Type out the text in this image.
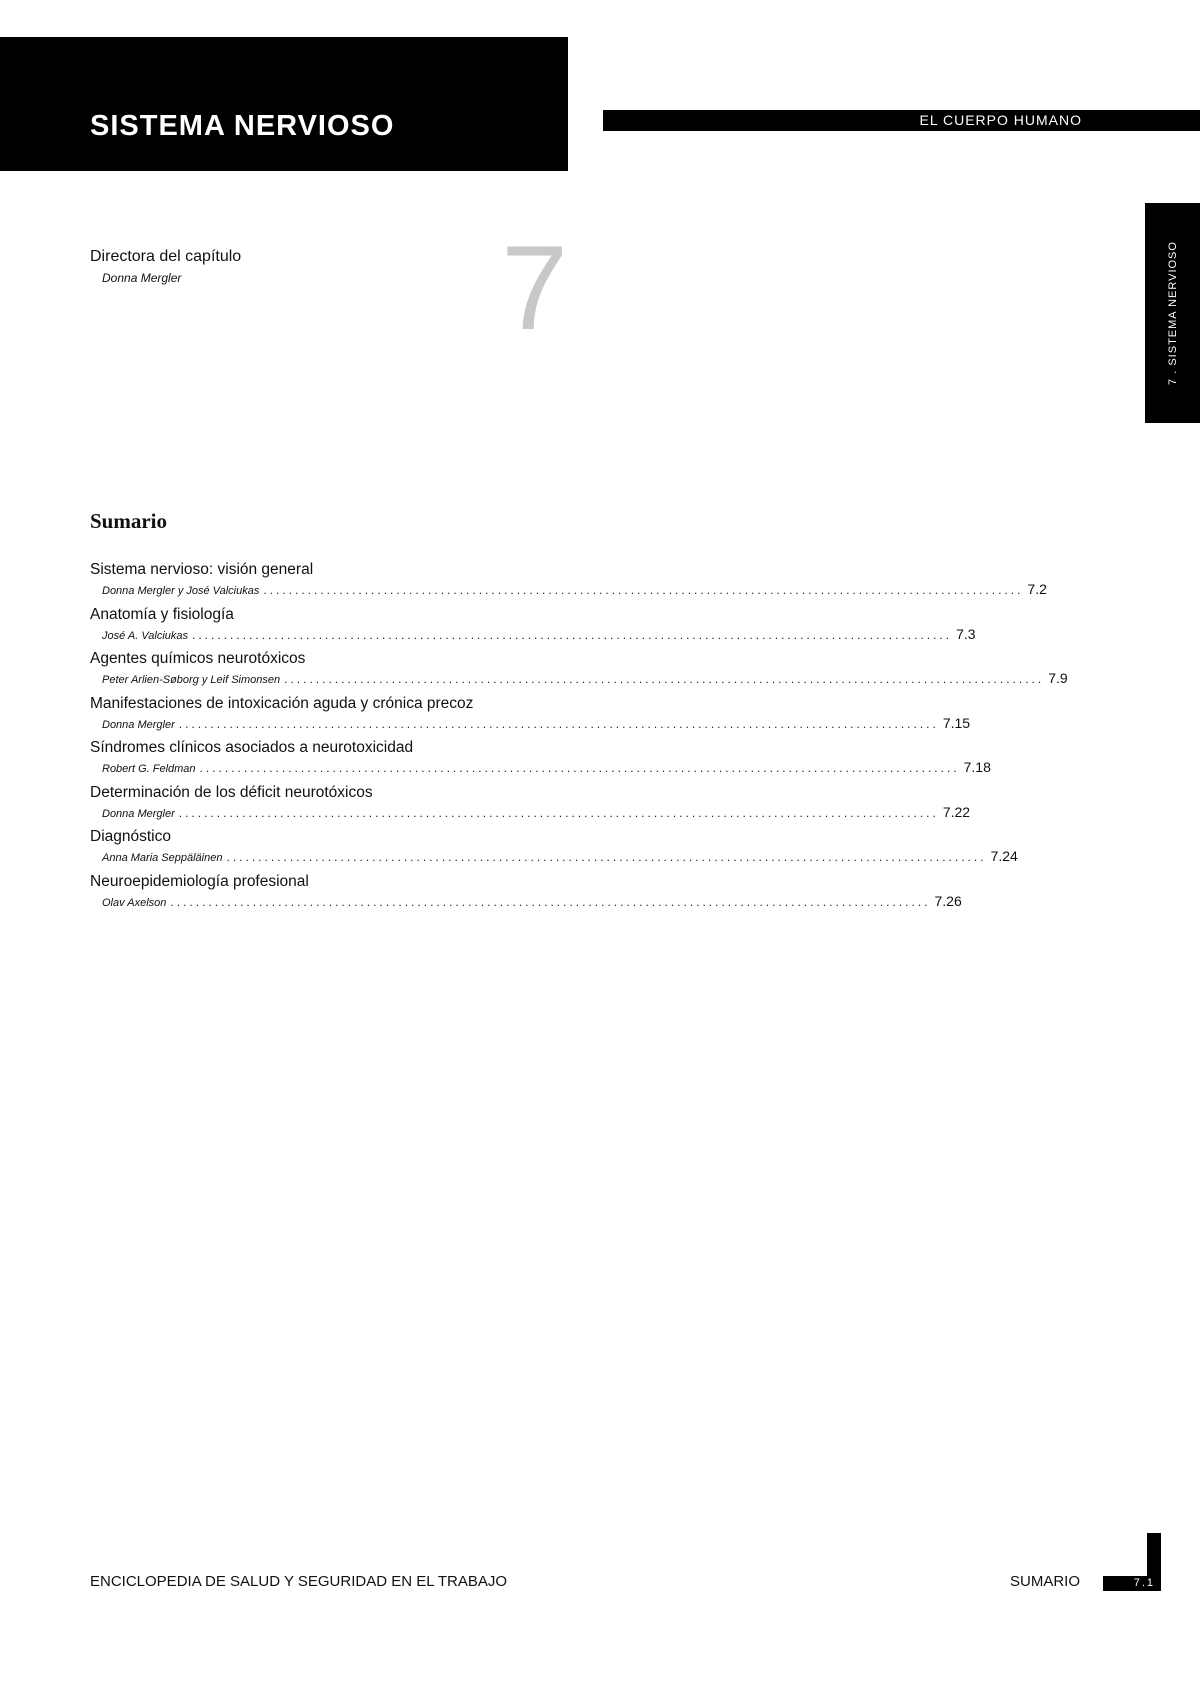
SISTEMA NERVIOSO	EL CUERPO HUMANO
7 . SISTEMA NERVIOSO
Directora del capítulo
Donna Mergler	7
Sumario
Sistema nervioso: visión general
Donna Mergler y José Valciukas ........................................................................................................................ 7.2
Anatomía y fisiología
José A. Valciukas ........................................................................................................................ 7.3
Agentes químicos neurotóxicos
Peter Arlien-Søborg y Leif Simonsen ........................................................................................................................ 7.9
Manifestaciones de intoxicación aguda y crónica precoz
Donna Mergler ........................................................................................................................ 7.15
Síndromes clínicos asociados a neurotoxicidad
Robert G. Feldman ........................................................................................................................ 7.18
Determinación de los déficit neurotóxicos
Donna Mergler ........................................................................................................................ 7.22
Diagnóstico
Anna Maria Seppäläinen ........................................................................................................................ 7.24
Neuroepidemiología profesional
Olav Axelson ........................................................................................................................ 7.26
ENCICLOPEDIA DE SALUD Y SEGURIDAD EN EL TRABAJO	SUMARIO	7.1
